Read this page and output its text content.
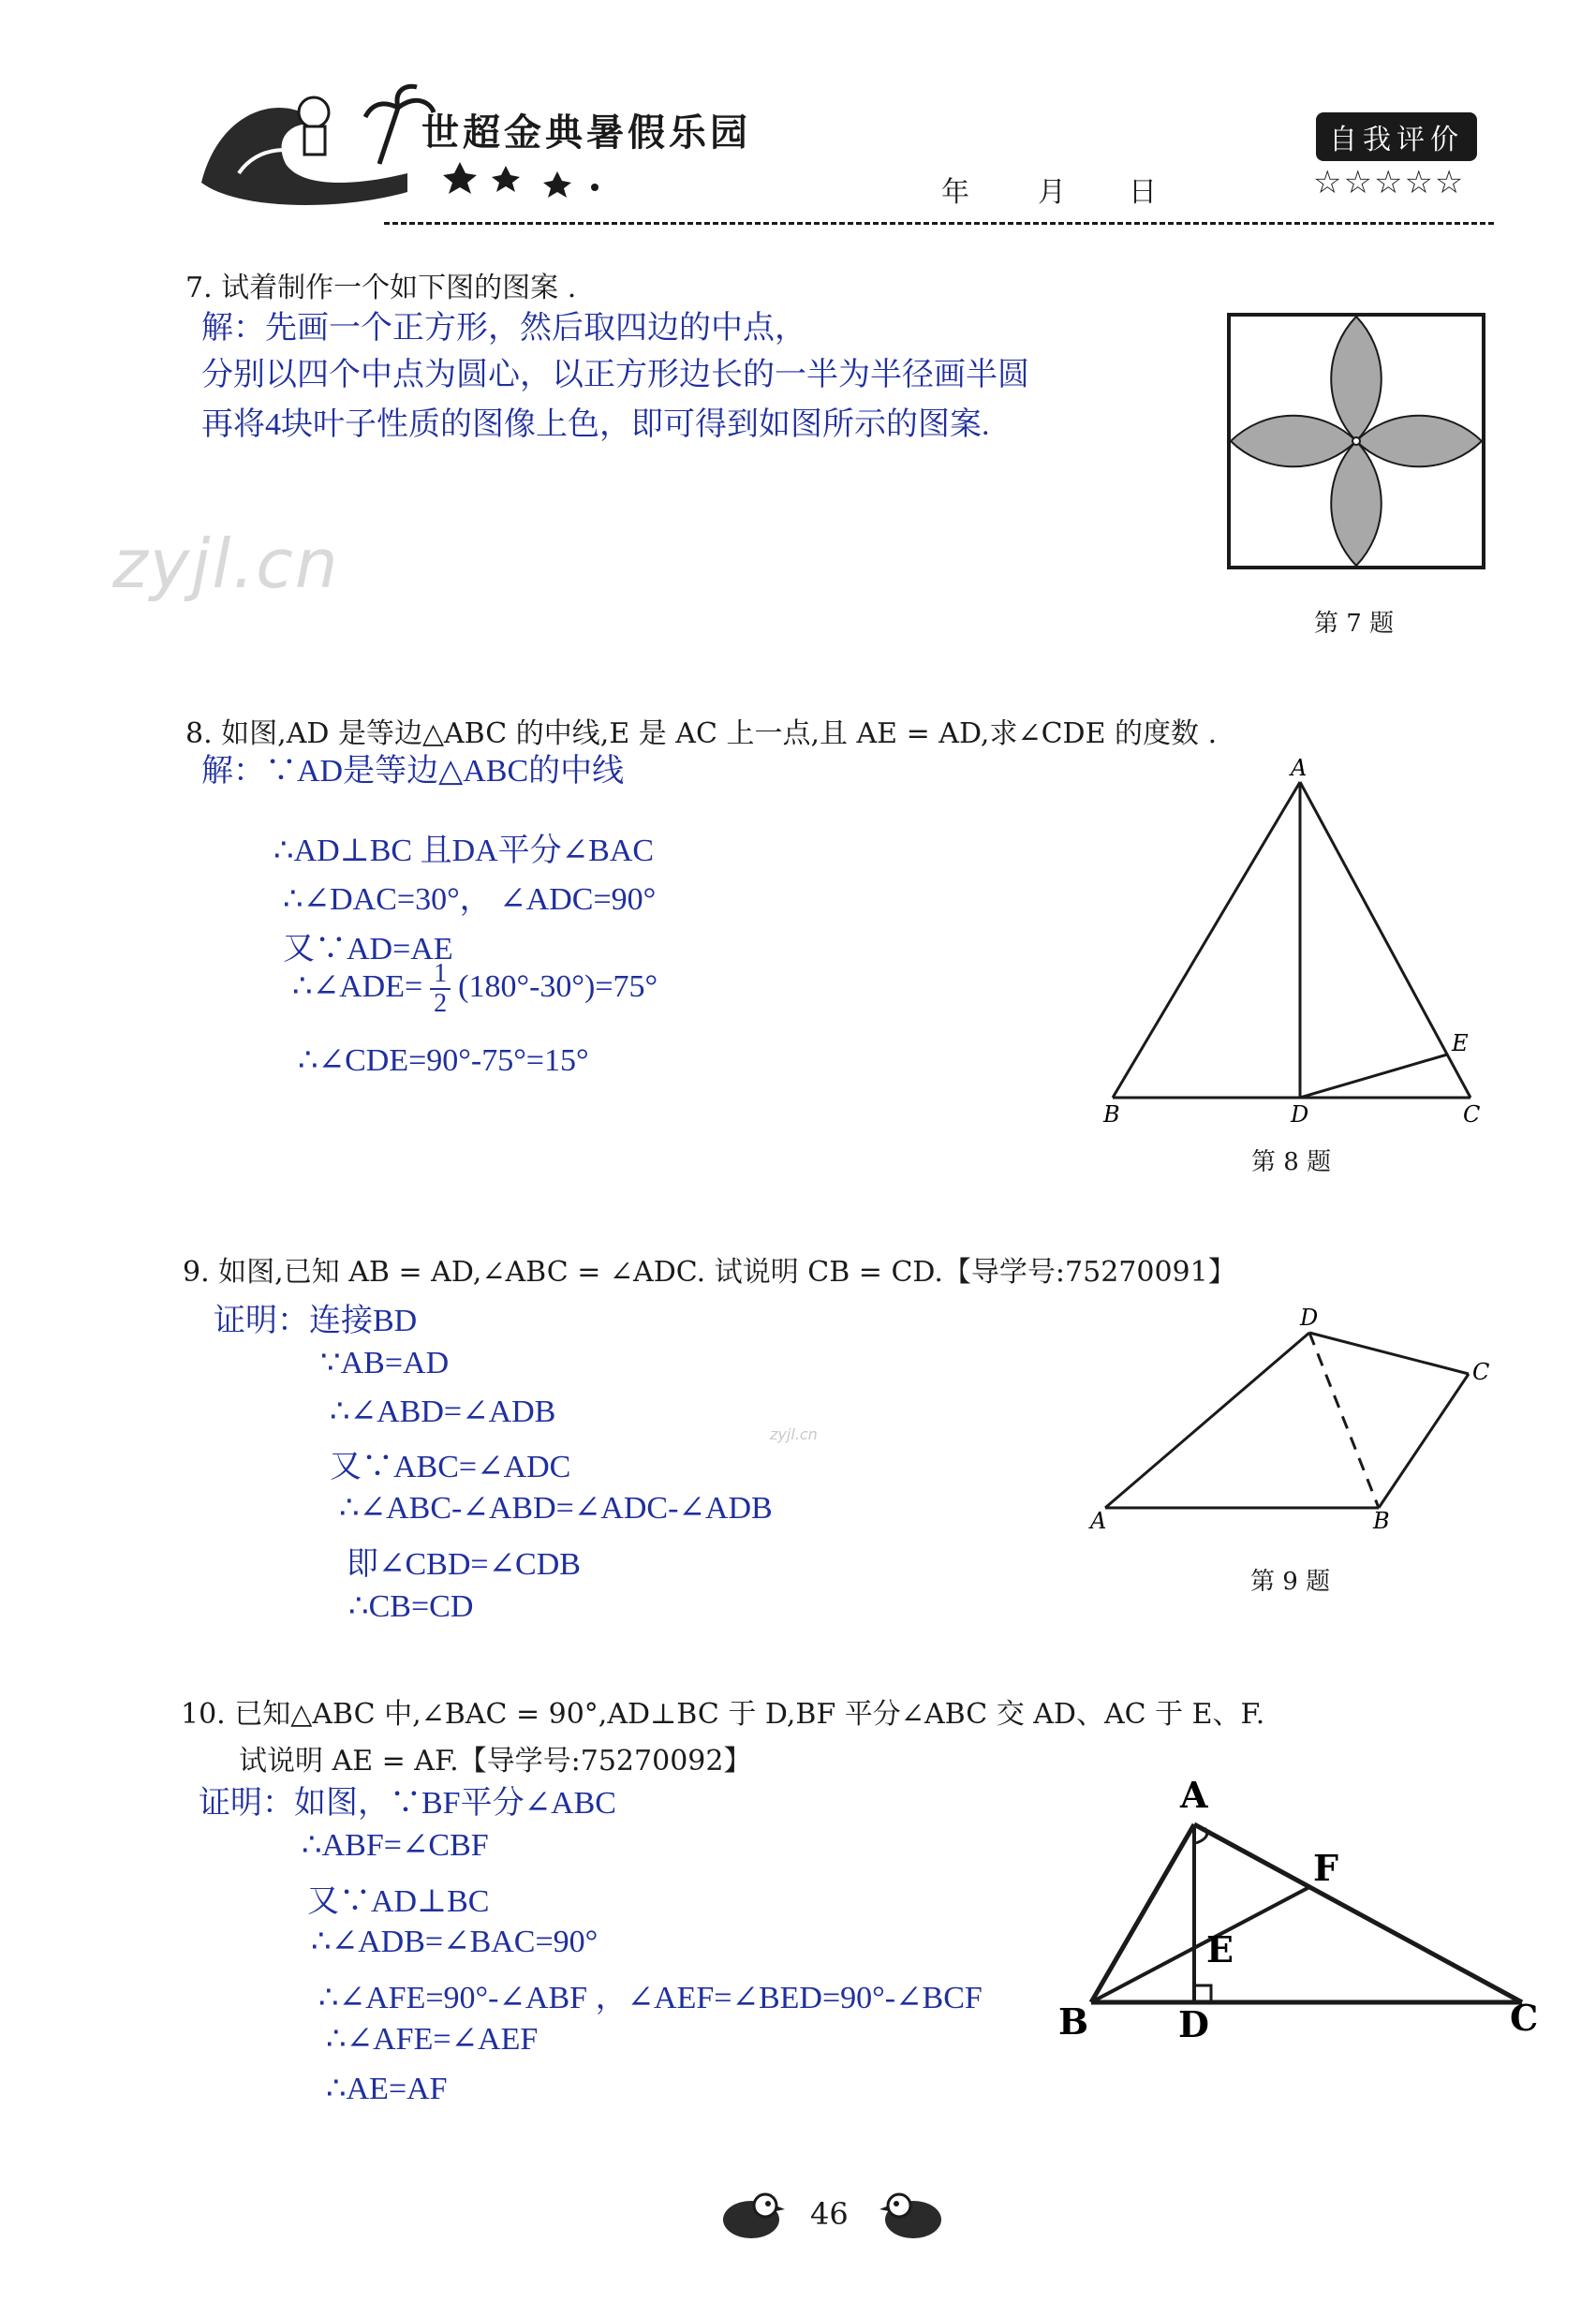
世超金典暑假乐园
年 月 日
自我评价
☆☆☆☆☆
zyjl.cn
7. 试着制作一个如下图的图案 .
解：先画一个正方形，然后取四边的中点，
分别以四个中点为圆心，以正方形边长的一半为半径画半圆
再将4块叶子性质的图像上色，即可得到如图所示的图案.
第 7 题
8. 如图,AD 是等边△ABC 的中线,E 是 AC 上一点,且 AE = AD,求∠CDE 的度数 .
解：∵AD是等边△ABC的中线
∴AD⊥BC 且DA平分∠BAC
∴∠DAC=30°， ∠ADC=90°
又∵AD=AE
∴∠ADE= $\frac{1}{2} (180^\circ-30^\circ)=75^\circ$
∴∠CDE=90°-75°=15°
A
B	C
D
E
第 8 题
9. 如图,已知 AB = AD,∠ABC = ∠ADC. 试说明 CB = CD.【导学号:75270091】
证明：连接BD
∵AB=AD
∴∠ABD=∠ADB
又∵ABC=∠ADC
∴∠ABC-∠ABD=∠ADC-∠ADB
即∠CBD=∠CDB
∴CB=CD
zyjl.cn
D
C
A	B
第 9 题
10. 已知△ABC 中,∠BAC = 90°,AD⊥BC 于 D,BF 平分∠ABC 交 AD、AC 于 E、F.
试说明 AE = AF.【导学号:75270092】
证明：如图，∵BF平分∠ABC
∴ABF=∠CBF
又∵AD⊥BC
∴∠ADB=∠BAC=90°
∴∠AFE=90°-∠ABF ，∠AEF=∠BED=90°-∠BCF
∴∠AFE=∠AEF
∴AE=AF
A
B	C
D
E
F
46
